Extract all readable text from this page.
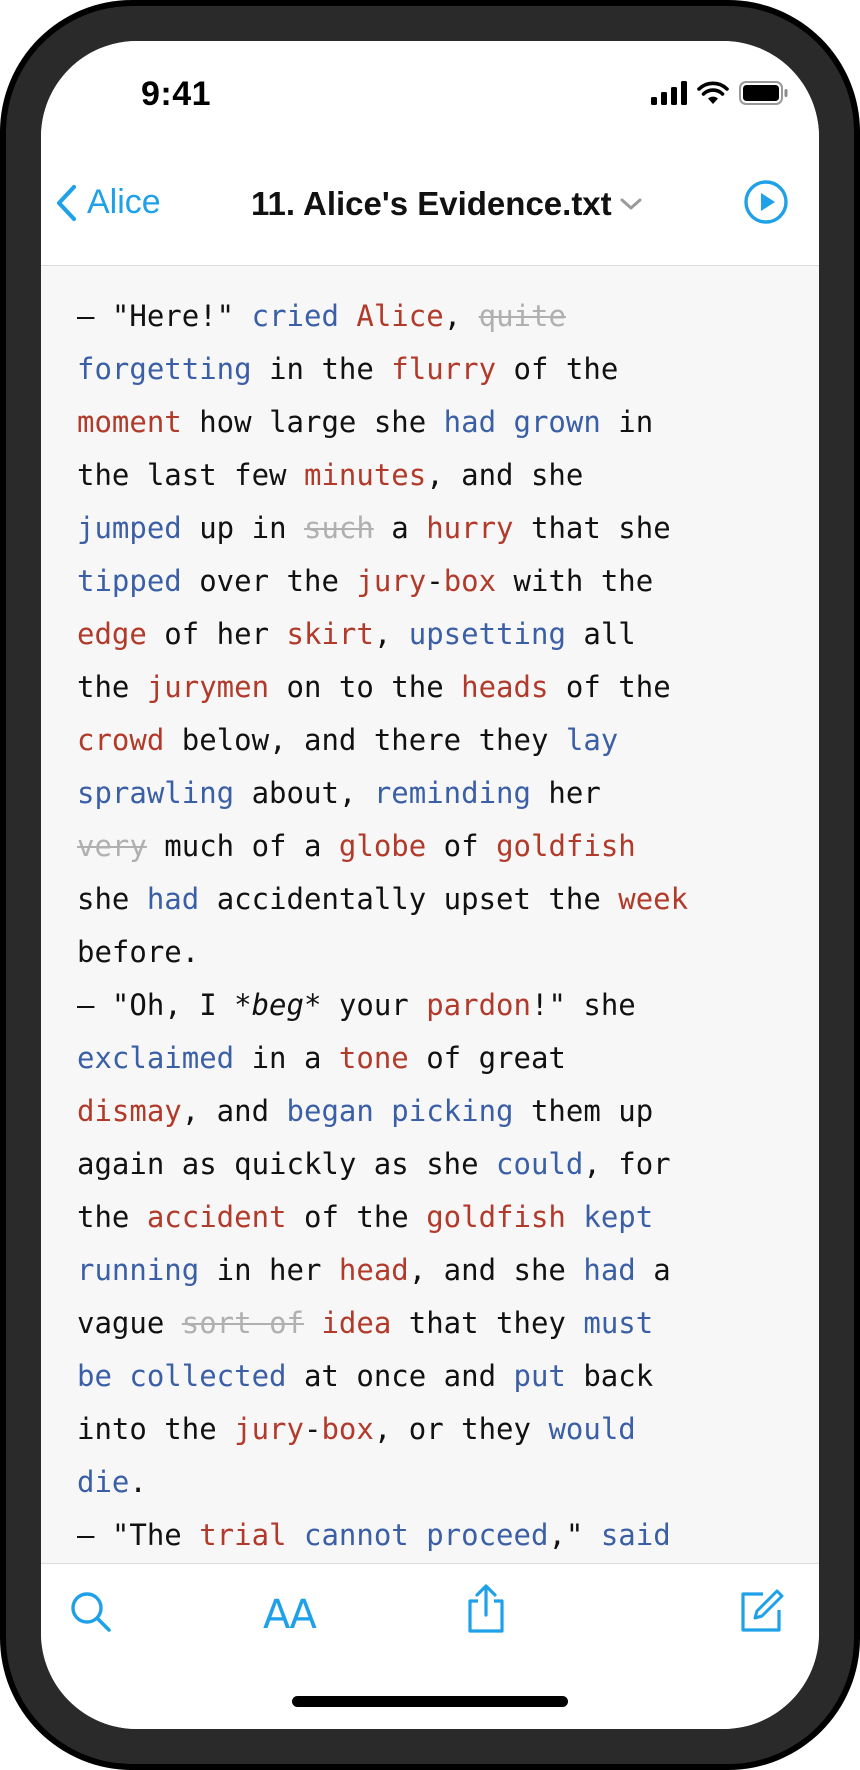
9:41
Alice	11. Alice's Evidence.txt
— "Here!" cried Alice, quite
forgetting in the flurry of the
moment how large she had grown in
the last few minutes, and she
jumped up in such a hurry that she
tipped over the jury-box with the
edge of her skirt, upsetting all
the jurymen on to the heads of the
crowd below, and there they lay
sprawling about, reminding her
very much of a globe of goldfish
she had accidentally upset the week
before.
— "Oh, I *beg* your pardon!" she
exclaimed in a tone of great
dismay, and began picking them up
again as quickly as she could, for
the accident of the goldfish kept
running in her head, and she had a
vague sort of idea that they must
be collected at once and put back
into the jury-box, or they would
die.
— "The trial cannot proceed," said
AA
